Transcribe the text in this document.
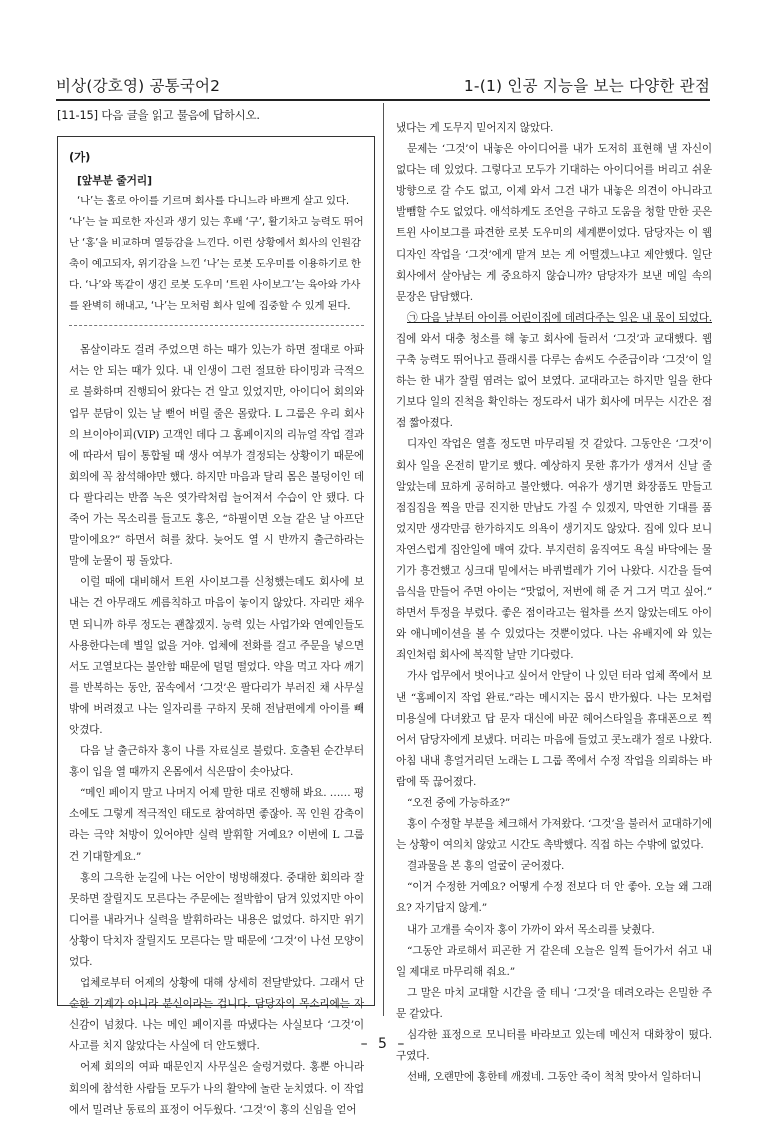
비상(강호영) 공통국어2	1-(1) 인공 지능을 보는 다양한 관점
[11-15] 다음 글을 읽고 물음에 답하시오.
(가)
[앞부분 줄거리]

‘나’는 홀로 아이를 기르며 회사를 다니느라 바쁘게 살고 있다. ‘나’는 늘 피로한 자신과 생기 있는 후배 ‘구’, 활기차고 능력도 뛰어난 ‘홍’을 비교하며 열등감을 느낀다. 이런 상황에서 회사의 인원감축이 예고되자, 위기감을 느낀 ‘나’는 로봇 도우미를 이용하기로 한다. ‘나’와 똑같이 생긴 로봇 도우미 ‘트윈 사이보그’는 육아와 가사를 완벽히 해내고, ‘나’는 모처럼 회사 일에 집중할 수 있게 된다.

몸살이라도 걸려 주었으면 하는 때가 있는가 하면 절대로 아파서는 안 되는 때가 있다. 내 인생이 그런 절묘한 타이밍과 극적으로 불화하며 진행되어 왔다는 건 알고 있었지만, 아이디어 회의와 업무 분담이 있는 날 뻗어 버릴 줄은 몰랐다. L 그룹은 우리 회사의 브이아이피(VIP) 고객인 데다 그 홈페이지의 리뉴얼 작업 결과에 따라서 팀이 통합될 때 생사 여부가 결정되는 상황이기 때문에 회의에 꼭 참석해야만 했다. 하지만 마음과 달리 몸은 불덩이인 데다 팔다리는 반쯤 녹은 엿가락처럼 늘어져서 수습이 안 됐다. 다 죽어 가는 목소리를 들고도 홍은, “하필이면 오늘 같은 날 아프단 말이에요?” 하면서 혀를 찼다. 늦어도 열 시 반까지 출근하라는 말에 눈물이 핑 돌았다.

이럴 때에 대비해서 트윈 사이보그를 신청했는데도 회사에 보내는 건 아무래도 께름칙하고 마음이 놓이지 않았다. 자리만 채우면 되니까 하루 정도는 괜찮겠지. 능력 있는 사업가와 연예인들도 사용한다는데 별일 없을 거야. 업체에 전화를 걸고 주문을 넣으면서도 고열보다는 불안함 때문에 덜덜 떨었다. 약을 먹고 자다 깨기를 반복하는 동안, 꿈속에서 ‘그것’은 팔다리가 부러진 채 사무실 밖에 버려졌고 나는 일자리를 구하지 못해 전남편에게 아이를 빼앗겼다.

다음 날 출근하자 홍이 나를 자료실로 불렀다. 호출된 순간부터 홍이 입을 열 때까지 온몸에서 식은땀이 솟아났다.

“메인 페이지 말고 나머지 어제 말한 대로 진행해 봐요. …… 평소에도 그렇게 적극적인 태도로 참여하면 좋잖아. 꼭 인원 감축이라는 극약 처방이 있어야만 실력 발휘할 거예요? 이번에 L 그룹 건 기대할게요.”

홍의 그윽한 눈길에 나는 어안이 벙벙해졌다. 중대한 회의라 잘못하면 잘릴지도 모른다는 주문에는 절박함이 담겨 있었지만 아이디어를 내라거나 실력을 발휘하라는 내용은 없었다. 하지만 위기 상황이 닥치자 잘릴지도 모른다는 말 때문에 ‘그것’이 나선 모양이었다.

업체로부터 어제의 상황에 대해 상세히 전달받았다. 그래서 단순한 기계가 아니라 분신이라는 겁니다. 담당자의 목소리에는 자신감이 넘쳤다. 나는 메인 페이지를 따냈다는 사실보다 ‘그것’이 사고를 치지 않았다는 사실에 더 안도했다.

어제 회의의 여파 때문인지 사무실은 술렁거렸다. 홍뿐 아니라 회의에 참석한 사람들 모두가 나의 활약에 놀란 눈치였다. 이 작업에서 밀려난 동료의 표정이 어두웠다. ‘그것’이 홍의 신임을 얻어

냈다는 게 도무지 믿어지지 않았다.

문제는 ‘그것’이 내놓은 아이디어를 내가 도저히 표현해 낼 자신이 없다는 데 있었다. 그렇다고 모두가 기대하는 아이디어를 버리고 쉬운 방향으로 갈 수도 없고, 이제 와서 그건 내가 내놓은 의견이 아니라고 발뺌할 수도 없었다. 애석하게도 조언을 구하고 도움을 청할 만한 곳은 트윈 사이보그를 파견한 로봇 도우미의 세계뿐이었다. 담당자는 이 웹 디자인 작업을 ‘그것’에게 맡겨 보는 게 어떨겠느냐고 제안했다. 일단 회사에서 살아남는 게 중요하지 않습니까? 담당자가 보낸 메일 속의 문장은 담담했다.

㉠ 다음 날부터 아이를 어린이집에 데려다주는 일은 내 몫이 되었다. 집에 와서 대충 청소를 해 놓고 회사에 들러서 ‘그것’과 교대했다. 웹 구축 능력도 뛰어나고 플래시를 다루는 솜씨도 수준급이라 ‘그것’이 일하는 한 내가 잘릴 염려는 없어 보였다. 교대라고는 하지만 일을 한다기보다 일의 진척을 확인하는 정도라서 내가 회사에 머무는 시간은 점점 짧아졌다.

디자인 작업은 열흘 정도면 마무리될 것 같았다. 그동안은 ‘그것’이 회사 일을 온전히 맡기로 했다. 예상하지 못한 휴가가 생겨서 신날 줄 알았는데 묘하게 공허하고 불안했다. 여유가 생기면 화장품도 만들고 점집집을 찍을 만큼 진지한 만남도 가질 수 있겠지, 막연한 기대를 품었지만 생각만큼 한가하지도 의욕이 생기지도 않았다. 집에 있다 보니 자연스럽게 집안일에 매여 갔다. 부지런히 움직여도 욕실 바닥에는 물기가 흥건했고 싱크대 밑에서는 바퀴벌레가 기어 나왔다. 시간을 들여 음식을 만들어 주면 아이는 “맛없어, 저번에 해 준 거 그거 먹고 싶어.” 하면서 투정을 부렸다. 좋은 점이라고는 월차를 쓰지 않았는데도 아이와 애니메이션을 볼 수 있었다는 것뿐이었다. 나는 유배지에 와 있는 죄인처럼 회사에 복직할 날만 기다렸다.

가사 업무에서 벗어나고 싶어서 안달이 나 있던 터라 업체 쪽에서 보낸 “홈페이지 작업 완료.”라는 메시지는 몹시 반가웠다. 나는 모처럼 미용실에 다녀왔고 답 문자 대신에 바꾼 헤어스타일을 휴대폰으로 찍어서 담당자에게 보냈다. 머리는 마음에 들었고 콧노래가 절로 나왔다. 아침 내내 흥얼거리던 노래는 L 그룹 쪽에서 수정 작업을 의뢰하는 바람에 뚝 끊어졌다.

“오전 중에 가능하죠?”

홍이 수정할 부분을 체크해서 가져왔다. ‘그것’을 불러서 교대하기에는 상황이 여의치 않았고 시간도 촉박했다. 직접 하는 수밖에 없었다.

결과물을 본 홍의 얼굴이 굳어졌다.

“이거 수정한 거예요? 어떻게 수정 전보다 더 안 좋아. 오늘 왜 그래요? 자기답지 않게.”

내가 고개를 숙이자 홍이 가까이 와서 목소리를 낮췄다.

“그동안 과로해서 피곤한 거 같은데 오늘은 일찍 들어가서 쉬고 내일 제대로 마무리해 줘요.”

그 말은 마치 교대할 시간을 줄 테니 ‘그것’을 데려오라는 은밀한 주문 같았다.

심각한 표정으로 모니터를 바라보고 있는데 메신저 대화창이 떴다. 구였다.

선배, 오랜만에 홍한테 깨졌네. 그동안 죽이 척척 맞아서 일하더니

– 5 –
